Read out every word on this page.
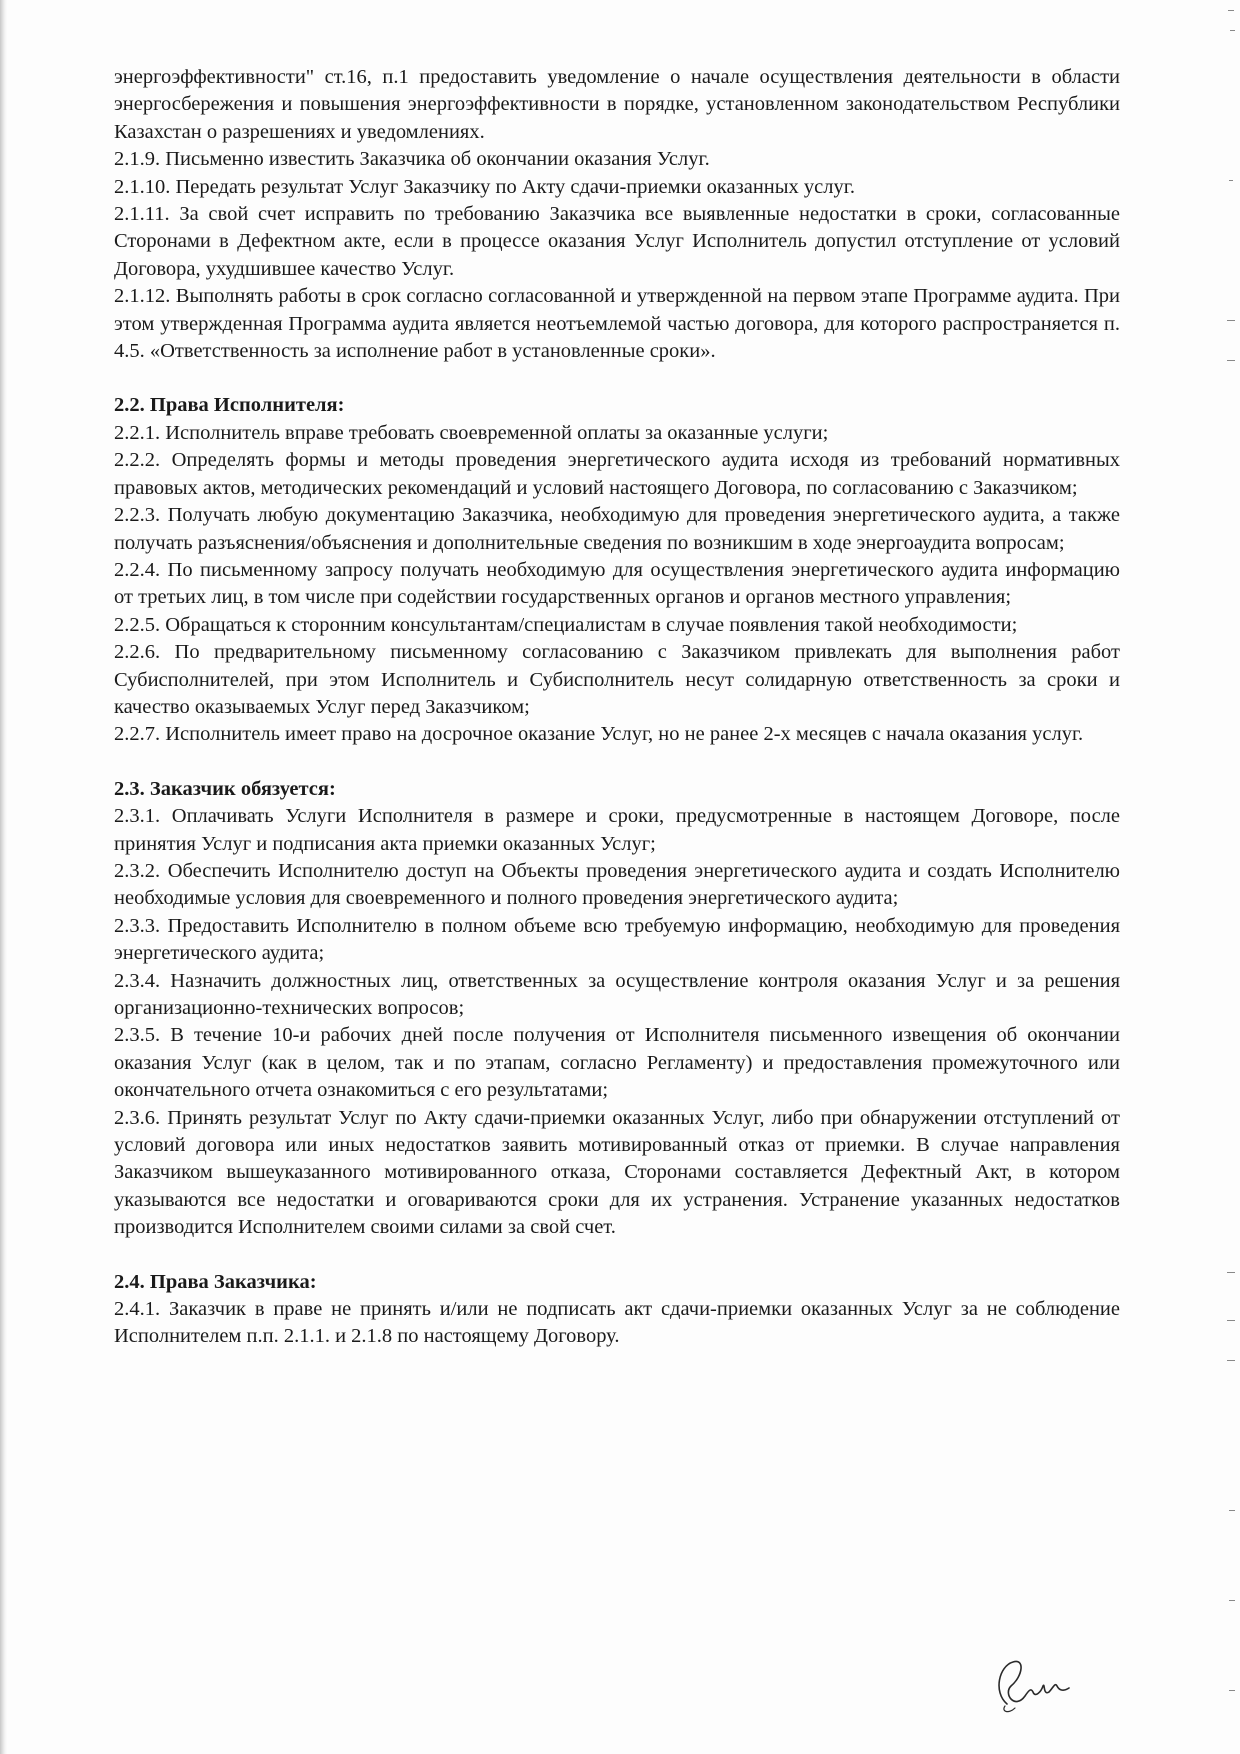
энергоэффективности" ст.16, п.1 предоставить уведомление о начале осуществления деятельности в области энергосбережения и повышения энергоэффективности в порядке, установленном законодательством Республики Казахстан о разрешениях и уведомлениях.

2.1.9. Письменно известить Заказчика об окончании оказания Услуг.

2.1.10. Передать результат Услуг Заказчику по Акту сдачи-приемки оказанных услуг.

2.1.11. За свой счет исправить по требованию Заказчика все выявленные недостатки в сроки, согласованные Сторонами в Дефектном акте, если в процессе оказания Услуг Исполнитель допустил отступление от условий Договора, ухудшившее качество Услуг.

2.1.12. Выполнять работы в срок согласно согласованной и утвержденной на первом этапе Программе аудита. При этом утвержденная Программа аудита является неотъемлемой частью договора, для которого распространяется п. 4.5. «Ответственность за исполнение работ в установленные сроки».

2.2. Права Исполнителя:

2.2.1. Исполнитель вправе требовать своевременной оплаты за оказанные услуги;

2.2.2. Определять формы и методы проведения энергетического аудита исходя из требований нормативных правовых актов, методических рекомендаций и условий настоящего Договора, по согласованию с Заказчиком;

2.2.3. Получать любую документацию Заказчика, необходимую для проведения энергетического аудита, а также получать разъяснения/объяснения и дополнительные сведения по возникшим в ходе энергоаудита вопросам;

2.2.4. По письменному запросу получать необходимую для осуществления энергетического аудита информацию от третьих лиц, в том числе при содействии государственных органов и органов местного управления;

2.2.5. Обращаться к сторонним консультантам/специалистам в случае появления такой необходимости;

2.2.6. По предварительному письменному согласованию с Заказчиком привлекать для выполнения работ Субисполнителей, при этом Исполнитель и Субисполнитель несут солидарную ответственность за сроки и качество оказываемых Услуг перед Заказчиком;

2.2.7. Исполнитель имеет право на досрочное оказание Услуг, но не ранее 2-х месяцев с начала оказания услуг.

2.3. Заказчик обязуется:

2.3.1. Оплачивать Услуги Исполнителя в размере и сроки, предусмотренные в настоящем Договоре, после принятия Услуг и подписания акта приемки оказанных Услуг;

2.3.2. Обеспечить Исполнителю доступ на Объекты проведения энергетического аудита и создать Исполнителю необходимые условия для своевременного и полного проведения энергетического аудита;

2.3.3. Предоставить Исполнителю в полном объеме всю требуемую информацию, необходимую для проведения энергетического аудита;

2.3.4. Назначить должностных лиц, ответственных за осуществление контроля оказания Услуг и за решения организационно-технических вопросов;

2.3.5. В течение 10-и рабочих дней после получения от Исполнителя письменного извещения об окончании оказания Услуг (как в целом, так и по этапам, согласно Регламенту) и предоставления промежуточного или окончательного отчета ознакомиться с его результатами;

2.3.6. Принять результат Услуг по Акту сдачи-приемки оказанных Услуг, либо при обнаружении отступлений от условий договора или иных недостатков заявить мотивированный отказ от приемки. В случае направления Заказчиком вышеуказанного мотивированного отказа, Сторонами составляется Дефектный Акт, в котором указываются все недостатки и оговариваются сроки для их устранения. Устранение указанных недостатков производится Исполнителем своими силами за свой счет.

2.4. Права Заказчика:

2.4.1. Заказчик в праве не принять и/или не подписать акт сдачи-приемки оказанных Услуг за не соблюдение Исполнителем п.п. 2.1.1. и 2.1.8 по настоящему Договору.
